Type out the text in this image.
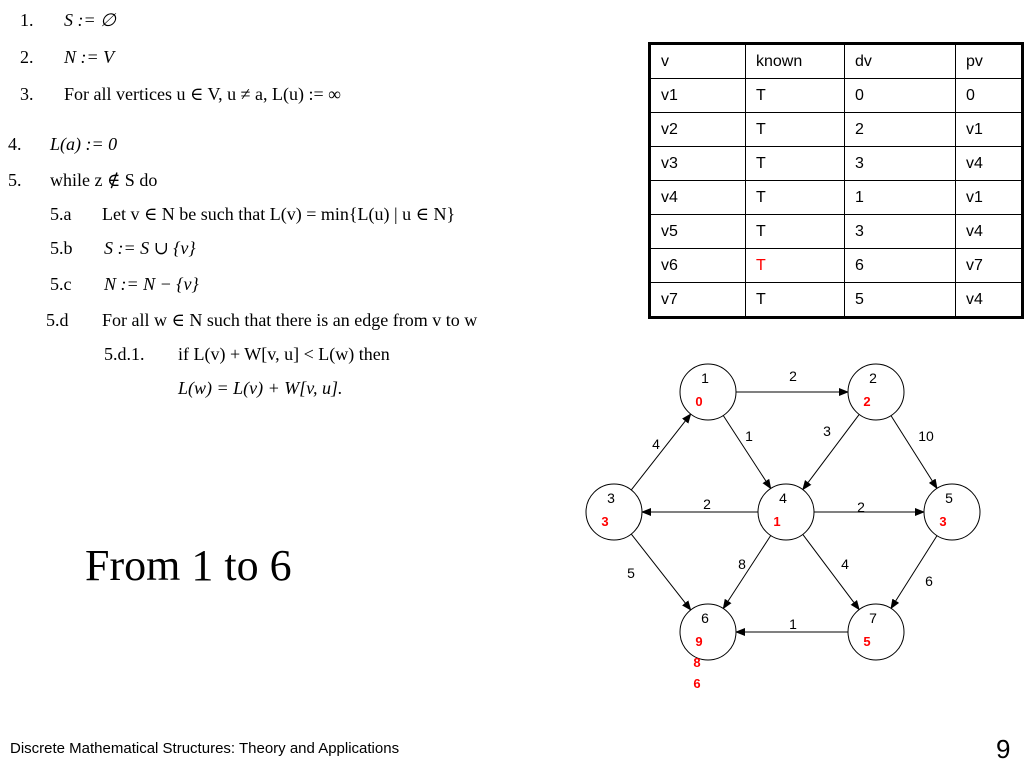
1. S := ∅
2. N := V
3. For all vertices u ∈ V, u ≠ a, L(u) := ∞
4. L(a) := 0
5. while z ∉ S do
5.a Let v ∈ N be such that L(v) = min{L(u) | u ∈ N}
5.b S := S ∪ {v}
5.c N := N − {v}
5.d For all w ∈ N such that there is an edge from v to w
5.d.1. if L(v) + W[v, u] < L(w) then
L(w) = L(v) + W[v, u].
From 1 to 6
v	known	dv	pv
v1	T	0	0
v2	T	2	v1
v3	T	3	v4
v4	T	1	v1
v5	T	3	v4
v6	T	6	v7
v7	T	5	v4
2
4	1	3	10
2	2
5
8	4
6
1
1
0
2
2
3
3
4
1
5
3
6
9
8
6
7
5
Discrete Mathematical Structures: Theory and Applications	9
